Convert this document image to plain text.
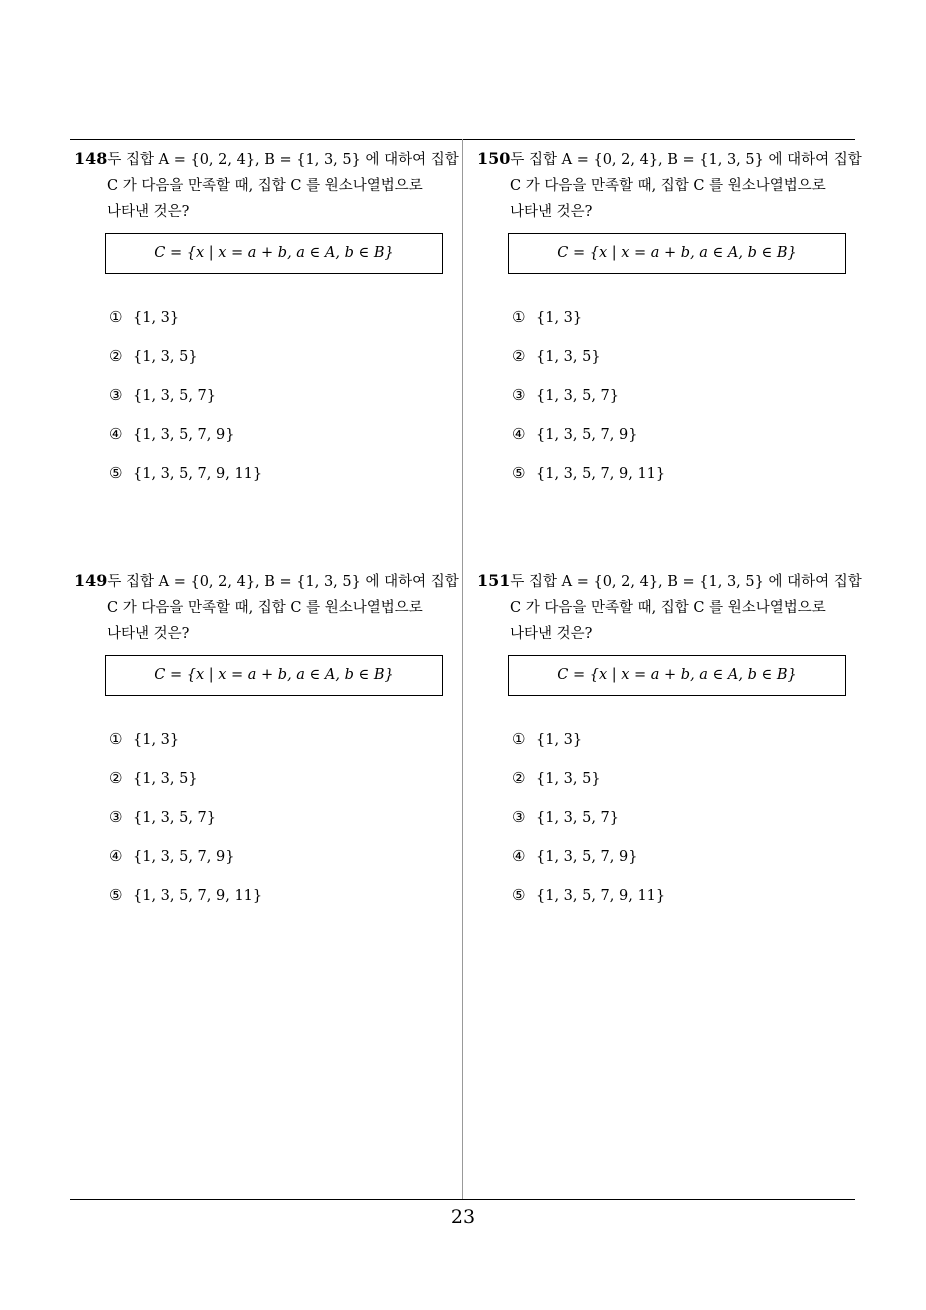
148두 집합 A = {0, 2, 4}, B = {1, 3, 5} 에 대하여 집합
C 가 다음을 만족할 때, 집합 C 를 원소나열법으로
나타낸 것은?
C = {x | x = a + b, a ∈ A, b ∈ B}
① {1, 3}
② {1, 3, 5}
③ {1, 3, 5, 7}
④ {1, 3, 5, 7, 9}
⑤ {1, 3, 5, 7, 9, 11}
149두 집합 A = {0, 2, 4}, B = {1, 3, 5} 에 대하여 집합
C 가 다음을 만족할 때, 집합 C 를 원소나열법으로
나타낸 것은?
C = {x | x = a + b, a ∈ A, b ∈ B}
① {1, 3}
② {1, 3, 5}
③ {1, 3, 5, 7}
④ {1, 3, 5, 7, 9}
⑤ {1, 3, 5, 7, 9, 11}
150두 집합 A = {0, 2, 4}, B = {1, 3, 5} 에 대하여 집합
C 가 다음을 만족할 때, 집합 C 를 원소나열법으로
나타낸 것은?
C = {x | x = a + b, a ∈ A, b ∈ B}
① {1, 3}
② {1, 3, 5}
③ {1, 3, 5, 7}
④ {1, 3, 5, 7, 9}
⑤ {1, 3, 5, 7, 9, 11}
151두 집합 A = {0, 2, 4}, B = {1, 3, 5} 에 대하여 집합
C 가 다음을 만족할 때, 집합 C 를 원소나열법으로
나타낸 것은?
C = {x | x = a + b, a ∈ A, b ∈ B}
① {1, 3}
② {1, 3, 5}
③ {1, 3, 5, 7}
④ {1, 3, 5, 7, 9}
⑤ {1, 3, 5, 7, 9, 11}
23
